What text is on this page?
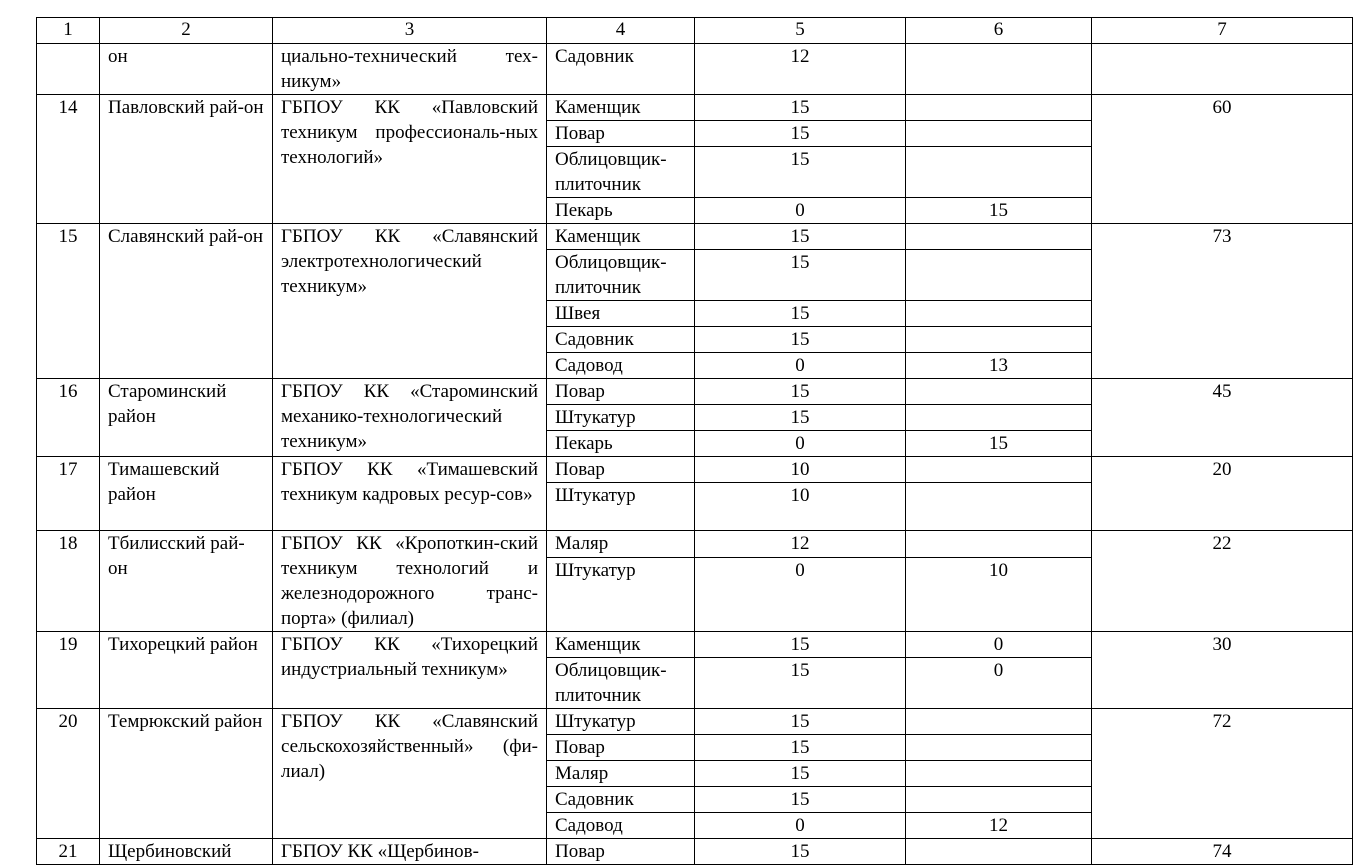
1	2	3	4	5	6	7
	он	циально-технический тех-никум»	Садовник	12		
14	Павловский рай-он	ГБПОУ КК «Павловский техникум профессиональ-ных технологий»	Каменщик	15		60
			Повар	15		
			Облицовщик-плиточник	15		
			Пекарь	0	15	
15	Славянский рай-он	ГБПОУ КК «Славянский электротехнологический техникум»	Каменщик	15		73
			Облицовщик-плиточник	15		
			Швея	15		
			Садовник	15		
			Садовод	0	13	
16	Староминский район	ГБПОУ КК «Староминский механико-технологический техникум»	Повар	15		45
			Штукатур	15		
			Пекарь	0	15	
17	Тимашевский район	ГБПОУ КК «Тимашевский техникум кадровых ресур-сов»	Повар	10		20
			Штукатур	10		
18	Тбилисский рай-он	ГБПОУ КК «Кропоткин-ский техникум технологий и железнодорожного транс-порта» (филиал)	Маляр	12		22
			Штукатур	0	10	
19	Тихорецкий район	ГБПОУ КК «Тихорецкий индустриальный техникум»	Каменщик	15	0	30
			Облицовщик-плиточник	15	0	
20	Темрюкский район	ГБПОУ КК «Славянский сельскохозяйственный» (фи-лиал)	Штукатур	15		72
			Повар	15		
			Маляр	15		
			Садовник	15		
			Садовод	0	12	
21	Щербиновский	ГБПОУ КК «Щербинов-	Повар	15		74
